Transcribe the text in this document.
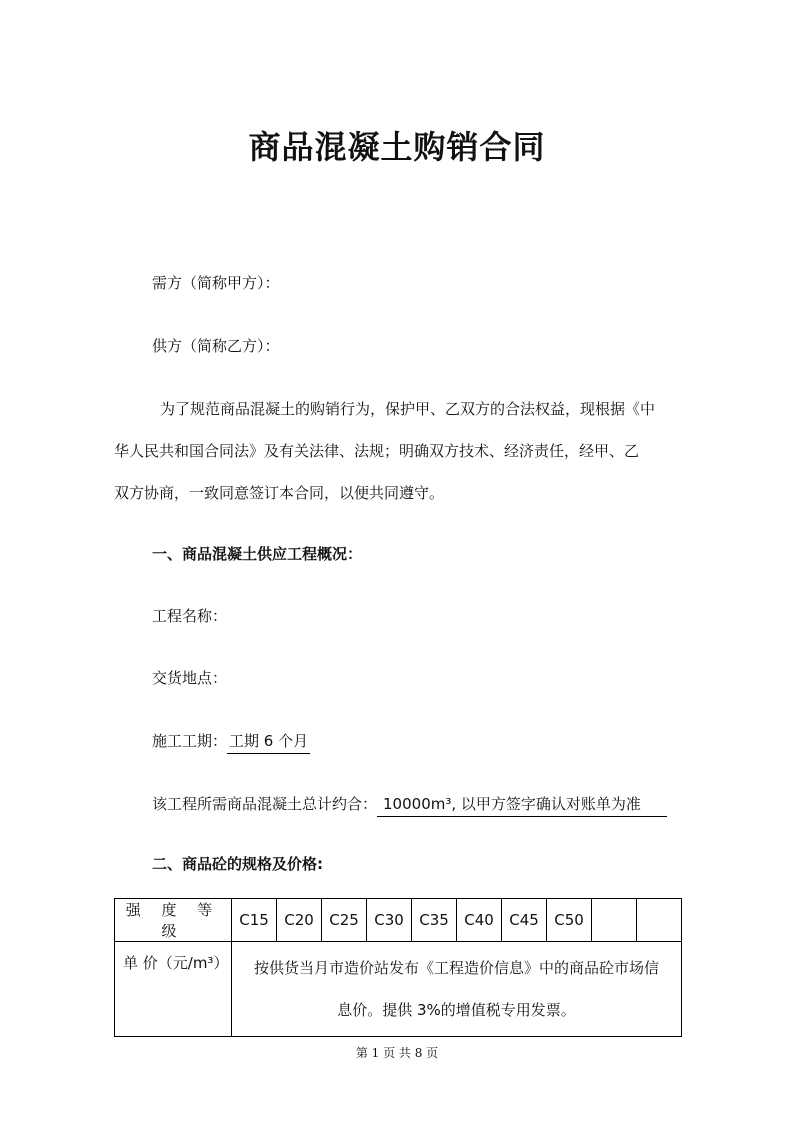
商品混凝土购销合同
需方（简称甲方）：
供方（简称乙方）：
为了规范商品混凝土的购销行为，保护甲、乙双方的合法权益，现根据《中
华人民共和国合同法》及有关法律、法规；明确双方技术、经济责任，经甲、乙
双方协商，一致同意签订本合同，以便共同遵守。
一、商品混凝土供应工程概况：
工程名称：
交货地点：
施工工期： 工期 6 个月
该工程所需商品混凝土总计约合： 10000m³, 以甲方签字确认对账单为准
二、商品砼的规格及价格:
强 度 等 级	C15	C20	C25	C30	C35	C40	C45	C50		
单 价（元/m³）	按供货当月市造价站发布《工程造价信息》中的商品砼市场信
息价。提供 3%的增值税专用发票。									
第 1 页 共 8 页
